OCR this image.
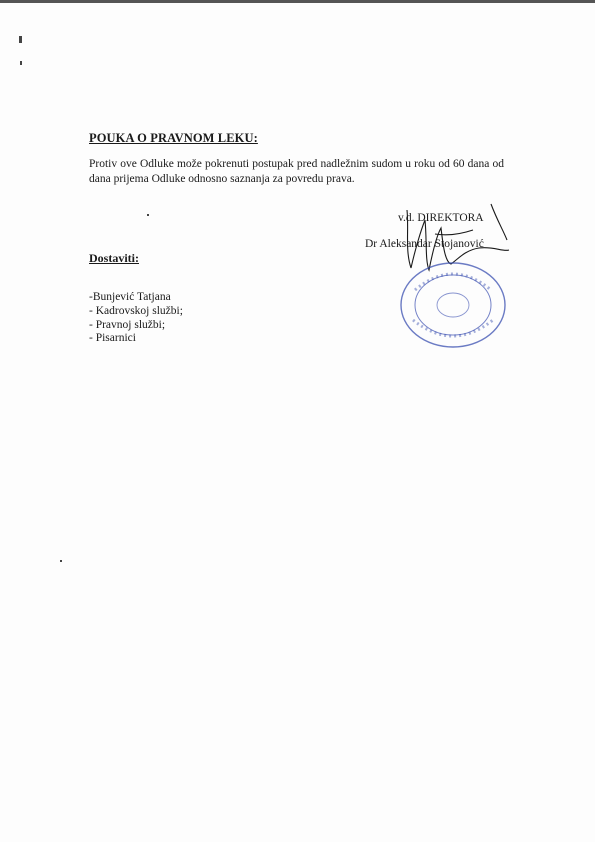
POUKA O PRAVNOM LEKU:
Protiv ove Odluke može pokrenuti postupak pred nadležnim sudom u roku od 60 dana od dana prijema Odluke odnosno saznanja za povredu prava.
v.d. DIREKTORA
Dr Aleksandar Stojanović
Dostaviti:
-Bunjević Tatjana
- Kadrovskoj službi;
- Pravnoj službi;
- Pisarnici
